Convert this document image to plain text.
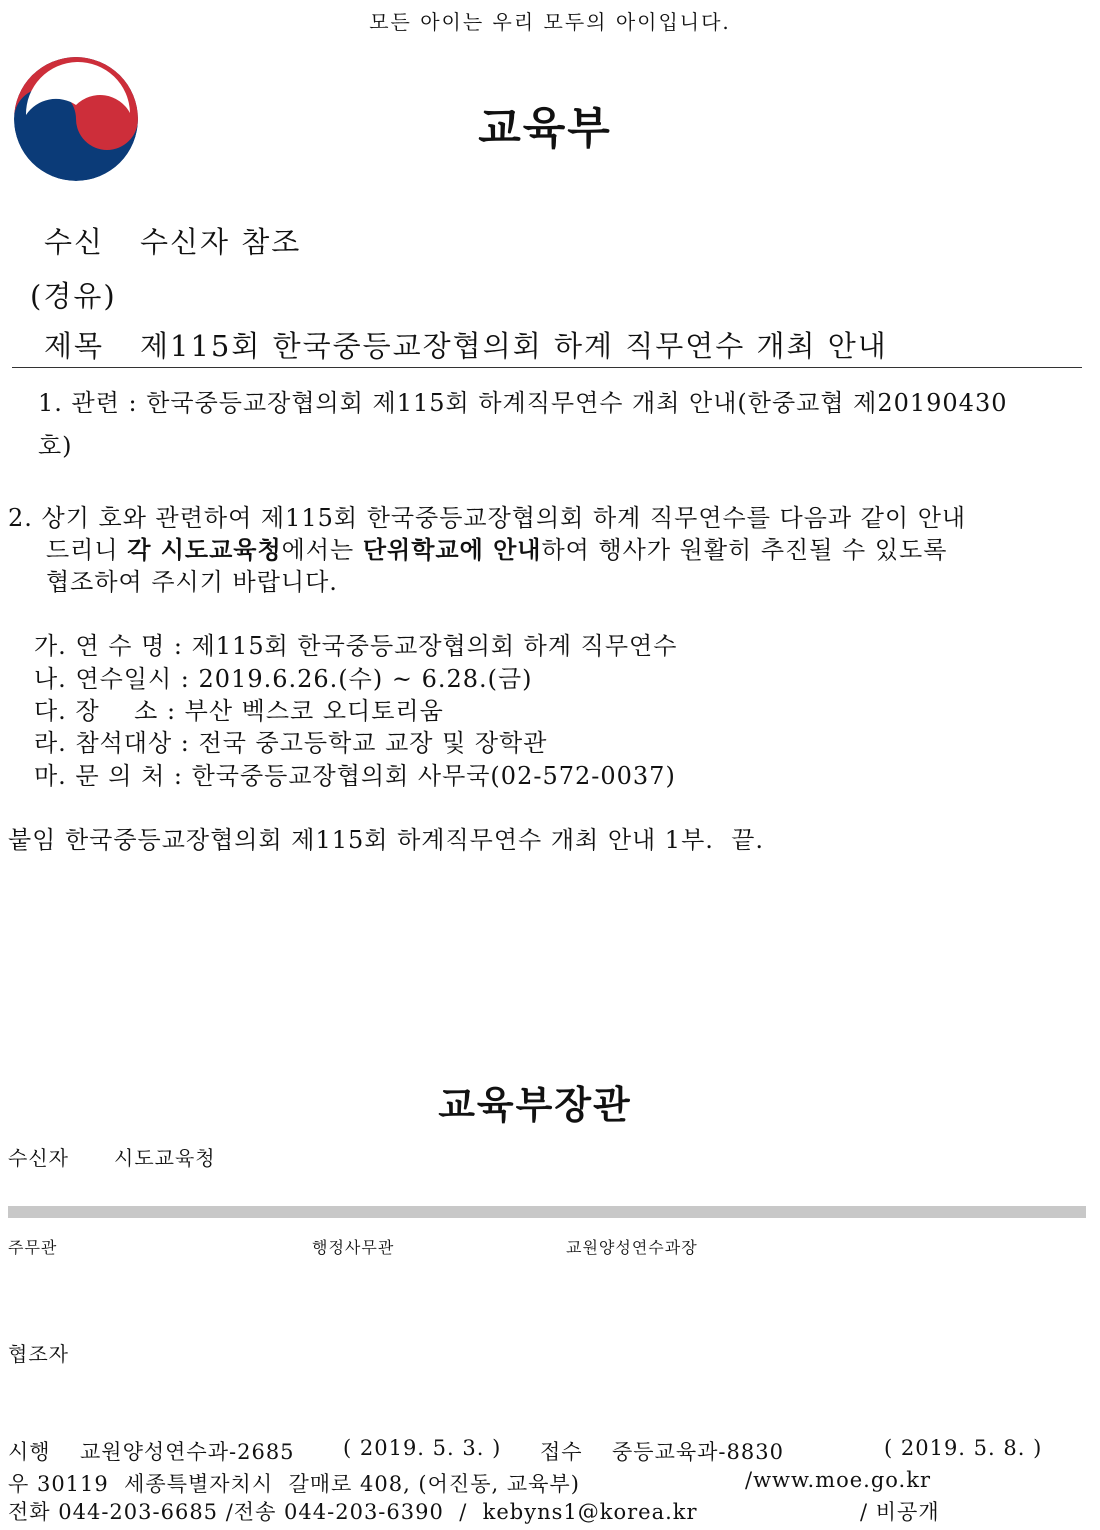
모든 아이는 우리 모두의 아이입니다.
교육부
수신 수신자 참조
(경유)
제목 제115회 한국중등교장협의회 하계 직무연수 개최 안내
1. 관련 : 한국중등교장협의회 제115회 하계직무연수 개최 안내(한중교협 제20190430
호)
2. 상기 호와 관련하여 제115회 한국중등교장협의회 하계 직무연수를 다음과 같이 안내
드리니 각 시도교육청에서는 단위학교에 안내하여 행사가 원활히 추진될 수 있도록
협조하여 주시기 바랍니다.
가. 연 수 명 : 제115회 한국중등교장협의회 하계 직무연수
나. 연수일시 : 2019.6.26.(수) ~ 6.28.(금)
다. 장    소 : 부산 벡스코 오디토리움
라. 참석대상 : 전국 중고등학교 교장 및 장학관
마. 문 의 처 : 한국중등교장협의회 사무국(02-572-0037)
붙임 한국중등교장협의회 제115회 하계직무연수 개최 안내 1부.  끝.
교육부장관
수신자 시도교육청
주무관	행정사무관	교원양성연수과장
협조자
시행 교원양성연수과-2685 ( 2019. 5. 3. ) 접수 중등교육과-8830	( 2019. 5. 8. )
우 30119  세종특별자치시  갈매로 408, (어진동, 교육부)	/www.moe.go.kr
전화 044-203-6685 /전송 044-203-6390  /  kebyns1@korea.kr	/ 비공개
